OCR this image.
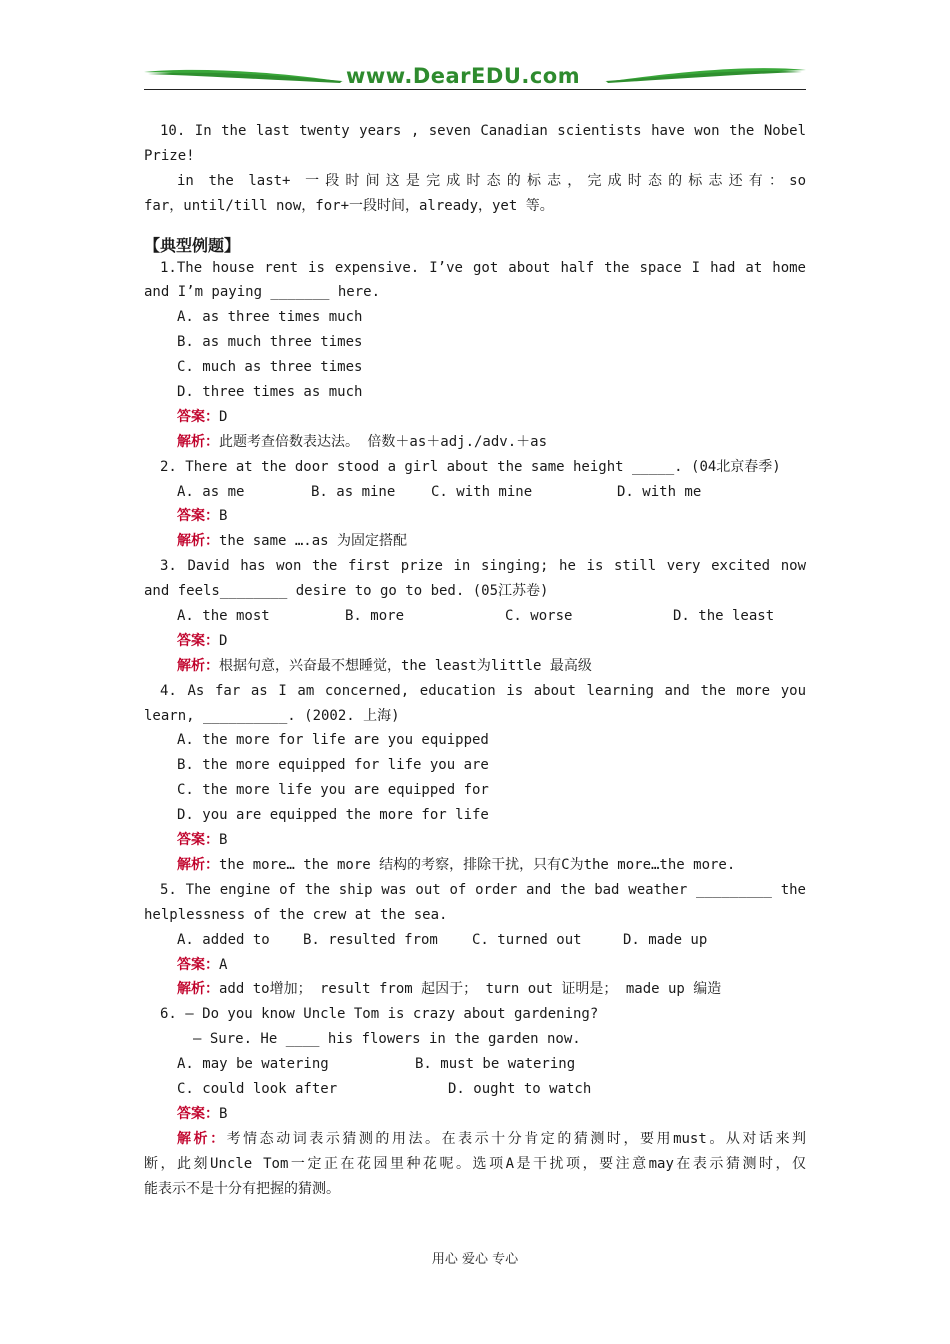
www.DearEDU.com
10. In the last twenty years , seven Canadian scientists have won the Nobel
Prize!
in the last+ 一段时间这是完成时态的标志，完成时态的标志还有：so
far，until/till now，for+一段时间，already，yet 等。
【典型例题】
1.The house rent is expensive. I’ve got about half the space I had at home
and I’m paying _______ here.
A. as three times much
B. as much three times
C. much as three times
D. three times as much
答案：D
解析：此题考查倍数表达法。 倍数＋as＋adj./adv.＋as
2. There at the door stood a girl about the same height _____. (04北京春季)
A. as me	B. as mine	C. with mine	D. with me
答案：B
解析：the same ….as 为固定搭配
3. David has won the first prize in singing; he is still very excited now
and feels________ desire to go to bed. (05江苏卷)
A. the most	B. more	C. worse	D. the least
答案：D
解析：根据句意，兴奋最不想睡觉，the least为little 最高级
4. As far as I am concerned, education is about learning and the more you
learn, __________. (2002. 上海)
A. the more for life are you equipped
B. the more equipped for life you are
C. the more life you are equipped for
D. you are equipped the more for life
答案：B
解析：the more… the more 结构的考察，排除干扰，只有C为the more…the more.
5. The engine of the ship was out of order and the bad weather _________ the
helplessness of the crew at the sea.
A. added to	B. resulted from	C. turned out	D. made up
答案：A
解析：add to增加； result from 起因于； turn out 证明是； made up 编造
6. — Do you know Uncle Tom is crazy about gardening?
— Sure. He ____ his flowers in the garden now.
A. may be watering	B. must be watering
C. could look after	D. ought to watch
答案：B
解析：考情态动词表示猜测的用法。在表示十分肯定的猜测时，要用must。从对话来判
断，此刻Uncle Tom一定正在花园里种花呢。选项A是干扰项，要注意may在表示猜测时，仅
能表示不是十分有把握的猜测。
用心 爱心 专心
